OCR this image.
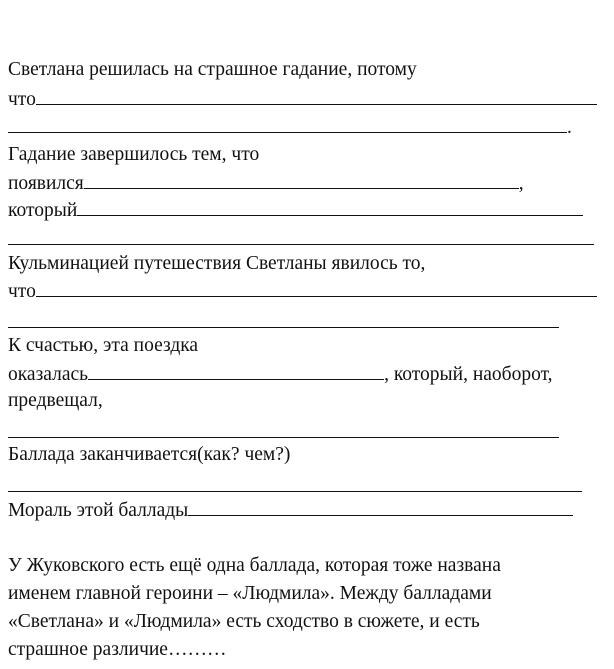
Светлана решилась на страшное гадание, потому
что
.
Гадание завершилось тем, что
появился	,
который
Кульминацией путешествия Светланы явилось то,
что
К счастью, эта поездка
оказалась	, который, наоборот,
предвещал,
Баллада заканчивается(как? чем?)
Мораль этой баллады
У Жуковского есть ещё одна баллада, которая тоже названа
именем главной героини – «Людмила». Между балладами
«Светлана» и «Людмила» есть сходство в сюжете, и есть
страшное различие………
